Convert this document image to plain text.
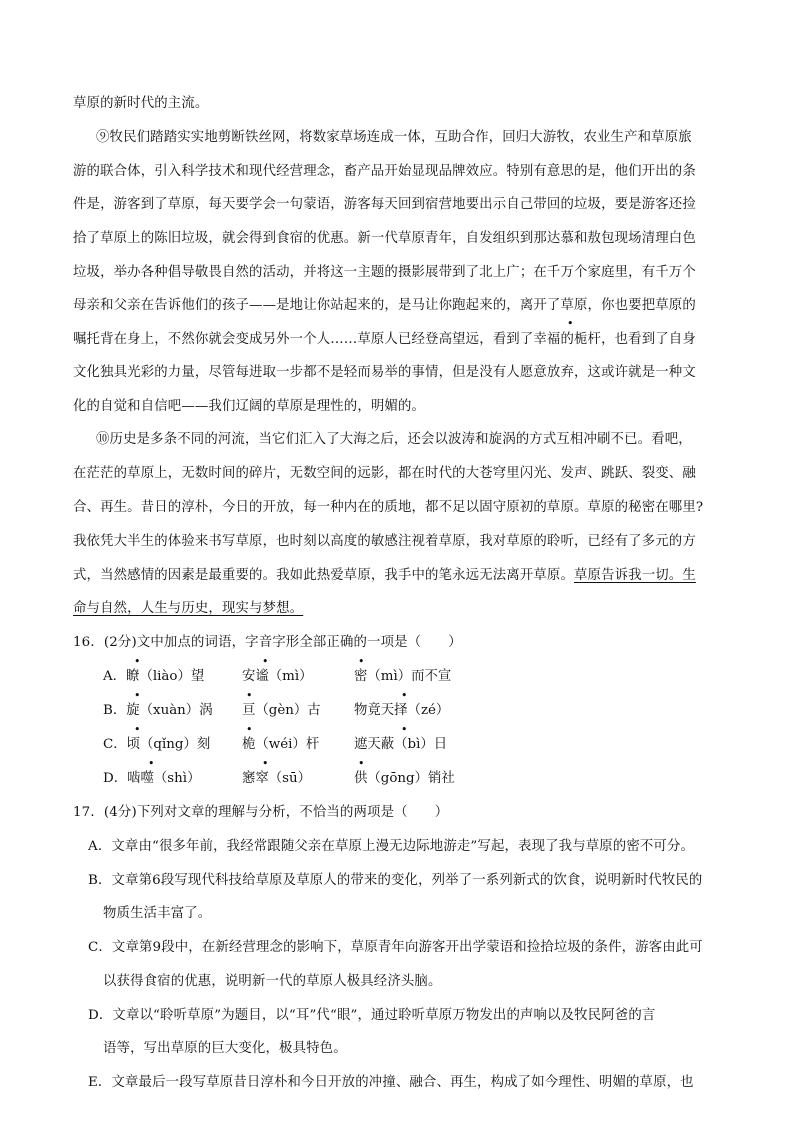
草原的新时代的主流。
⑨牧民们踏踏实实地剪断铁丝网，将数家草场连成一体，互助合作，回归大游牧，农业生产和草原旅
游的联合体，引入科学技术和现代经营理念，畜产品开始显现品牌效应。特别有意思的是，他们开出的条
件是，游客到了草原，每天要学会一句蒙语，游客每天回到宿营地要出示自己带回的垃圾，要是游客还捡
拾了草原上的陈旧垃圾，就会得到食宿的优惠。新一代草原青年，自发组织到那达慕和敖包现场清理白色
垃圾，举办各种倡导敬畏自然的活动，并将这一主题的摄影展带到了北上广；在千万个家庭里，有千万个
母亲和父亲在告诉他们的孩子——是地让你站起来的，是马让你跑起来的，离开了草原，你也要把草原的
嘱托背在身上，不然你就会变成另外一个人……草原人已经登高望远，看到了幸福的栀杆，也看到了自身
•
文化独具光彩的力量，尽管每进取一步都不是轻而易举的事情，但是没有人愿意放弃，这或许就是一种文
化的自觉和自信吧——我们辽阔的草原是理性的，明媚的。
⑩历史是多条不同的河流，当它们汇入了大海之后，还会以波涛和旋涡的方式互相冲刷不已。看吧，
在茫茫的草原上，无数时间的碎片，无数空间的远影，都在时代的大苍穹里闪光、发声、跳跃、裂变、融
合、再生。昔日的淳朴，今日的开放，每一种内在的质地，都不足以固守原初的草原。草原的秘密在哪里?
我依凭大半生的体验来书写草原，也时刻以高度的敏感注视着草原，我对草原的聆听，已经有了多元的方
式，当然感情的因素是最重要的。我如此热爱草原，我手中的笔永远无法离开草原。草原告诉我一切。生
命与自然，人生与历史，现实与梦想。
16．(2分)文中加点的词语，字音字形全部正确的一项是（　　）
A．瞭（liào）望	安谧（mì）	密（mì）而不宣
•	•	•
B．旋（xuàn）涡 亘（gèn）古 物竟天择（zé）
•	•	•
C．顷（qǐng）刻 桅（wéi）杆	遮天蔽（bì）日
•	•	•
D．啮噬（shì）	窸窣（sū）	供（gōng）销社
•	•	•
17．(4分)下列对文章的理解与分析，不恰当的两项是（　　）
A．文章由“很多年前，我经常跟随父亲在草原上漫无边际地游走”写起，表现了我与草原的密不可分。
B．文章第6段写现代科技给草原及草原人的带来的变化，列举了一系列新式的饮食，说明新时代牧民的
物质生活丰富了。
C．文章第9段中，在新经营理念的影响下，草原青年向游客开出学蒙语和捡拾垃圾的条件，游客由此可
以获得食宿的优惠，说明新一代的草原人极具经济头脑。
D．文章以“聆听草原”为题目，以“耳”代“眼”，通过聆听草原万物发出的声响以及牧民阿爸的言
语等，写出草原的巨大变化，极具特色。
E．文章最后一段写草原昔日淳朴和今日开放的冲撞、融合、再生，构成了如今理性、明媚的草原，也
